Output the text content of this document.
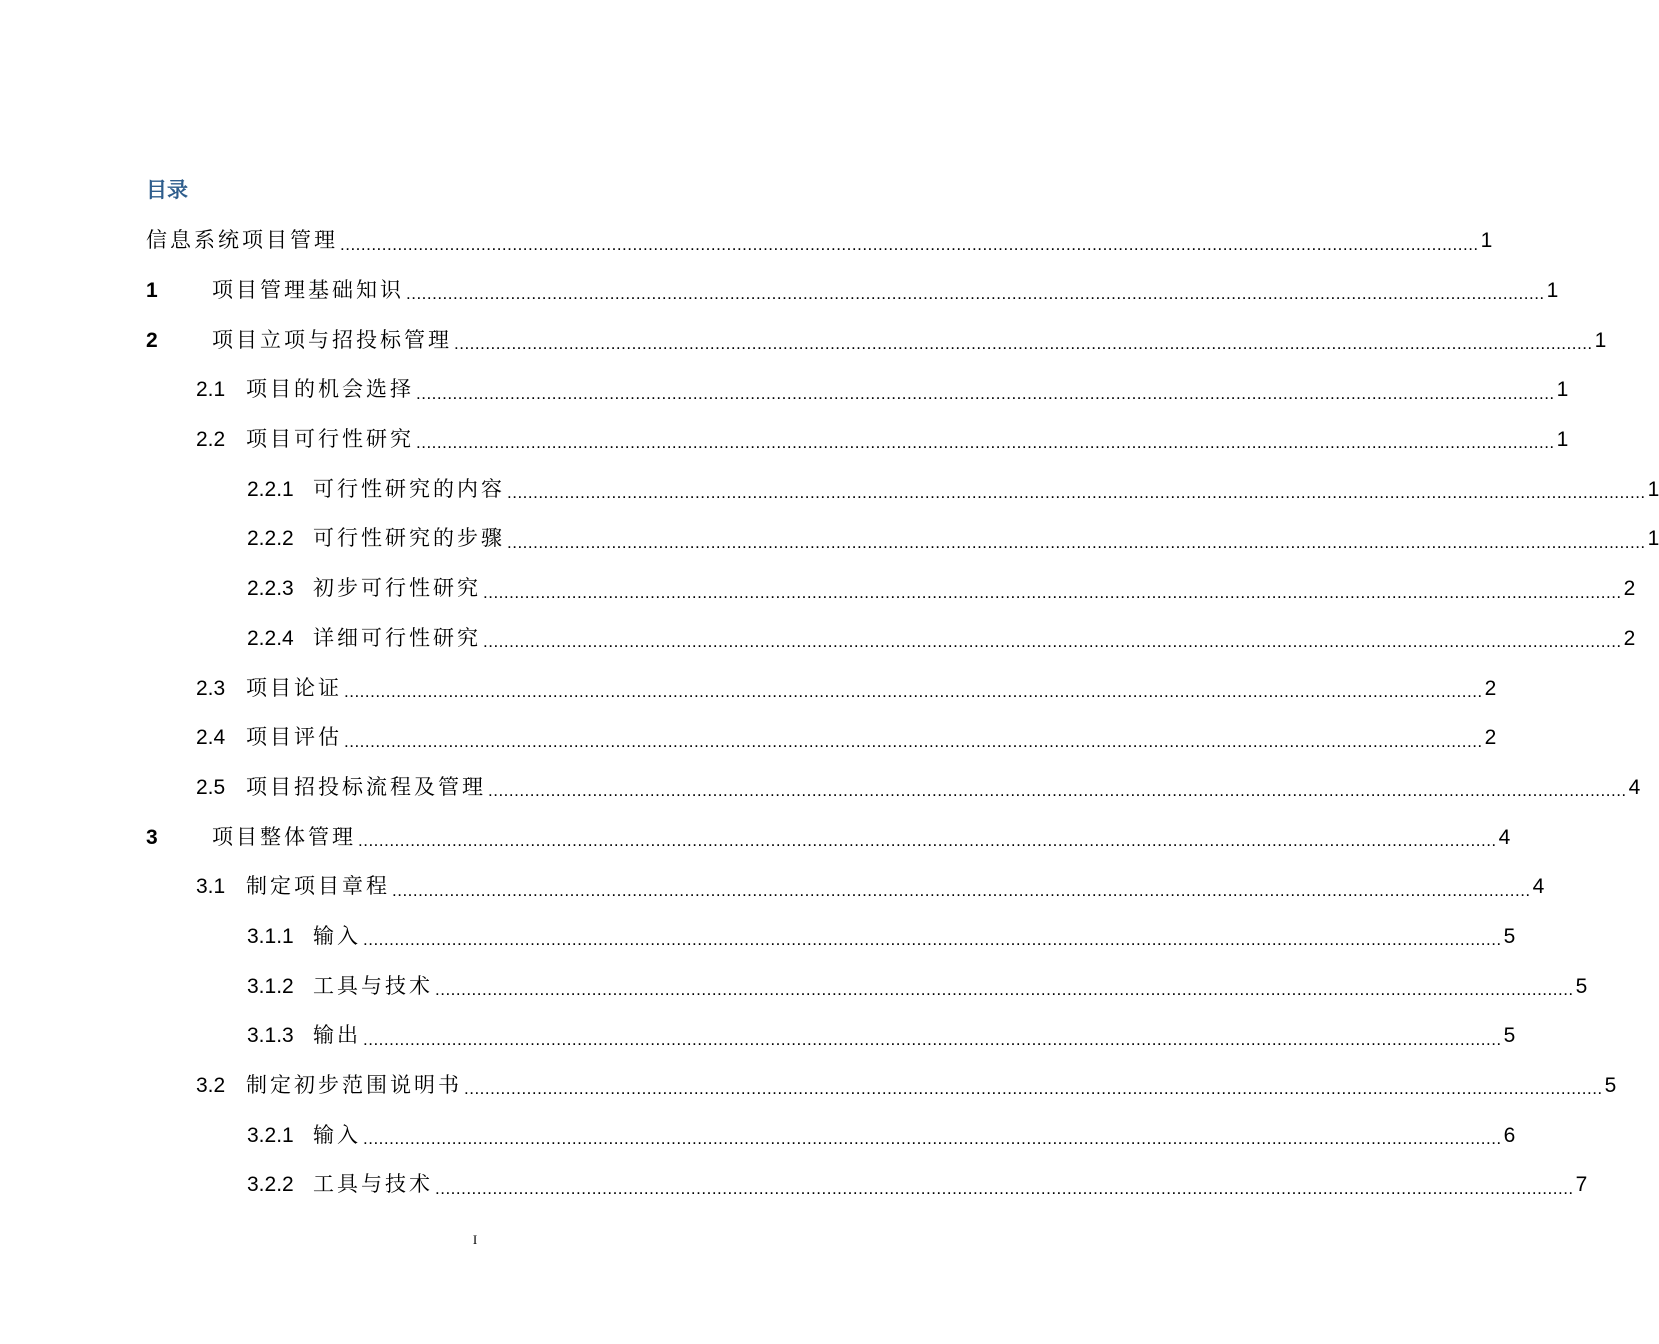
目录
信息系统项目管理 .....	1
1	项目管理基础知识 .....	1
2	项目立项与招投标管理 .....	1
2.1 项目的机会选择 .....	1
2.2 项目可行性研究 .....	1
2.2.1 可行性研究的内容 .....	1
2.2.2 可行性研究的步骤 .....	1
2.2.3 初步可行性研究 .....	2
2.2.4 详细可行性研究 .....	2
2.3 项目论证 .....	2
2.4 项目评估 .....	2
2.5 项目招投标流程及管理 .....	4
3	项目整体管理 .....	4
3.1 制定项目章程 .....	4
3.1.1 输入 .....	5
3.1.2 工具与技术 .....	5
3.1.3 输出 .....	5
3.2 制定初步范围说明书 .....	5
3.2.1 输入 .....	6
3.2.2 工具与技术 .....	7
I
